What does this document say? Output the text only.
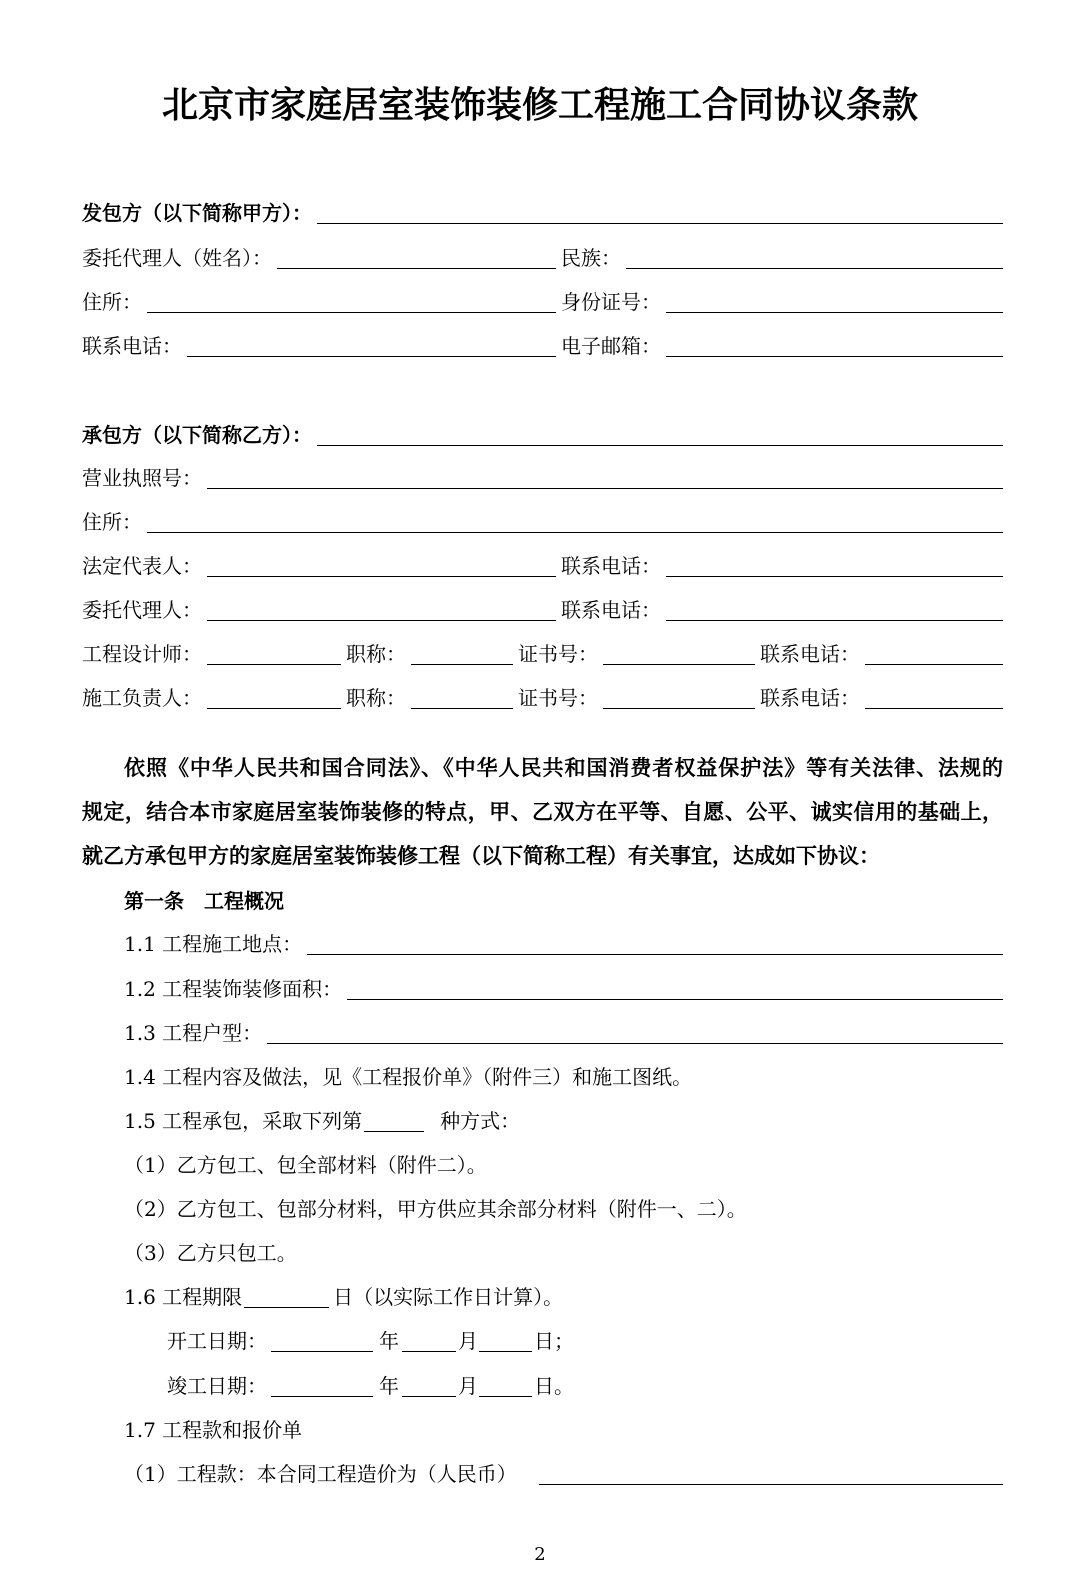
北京市家庭居室装饰装修工程施工合同协议条款
发包方（以下简称甲方）：
委托代理人（姓名）：	民族：
住所：	身份证号：
联系电话：	电子邮箱：
承包方（以下简称乙方）：
营业执照号：
住所：
法定代表人：	联系电话：
委托代理人：	联系电话：
工程设计师：	职称：	证书号：	联系电话：
施工负责人：	职称：	证书号：	联系电话：
依照《中华人民共和国合同法》、《中华人民共和国消费者权益保护法》等有关法律、法规的
规定，结合本市家庭居室装饰装修的特点，甲、乙双方在平等、自愿、公平、诚实信用的基础上，
就乙方承包甲方的家庭居室装饰装修工程（以下简称工程）有关事宜，达成如下协议：
第一条　工程概况
1.1 工程施工地点：
1.2 工程装饰装修面积：
1.3 工程户型：
1.4 工程内容及做法，见《工程报价单》（附件三）和施工图纸。
1.5 工程承包，采取下列第	种方式：
（1）乙方包工、包全部材料（附件二）。
（2）乙方包工、包部分材料，甲方供应其余部分材料（附件一、二）。
（3）乙方只包工。
1.6 工程期限	日（以实际工作日计算）。
开工日期：	年	月	日；
竣工日期：	年	月	日。
1.7 工程款和报价单
（1）工程款：本合同工程造价为（人民币）
2
